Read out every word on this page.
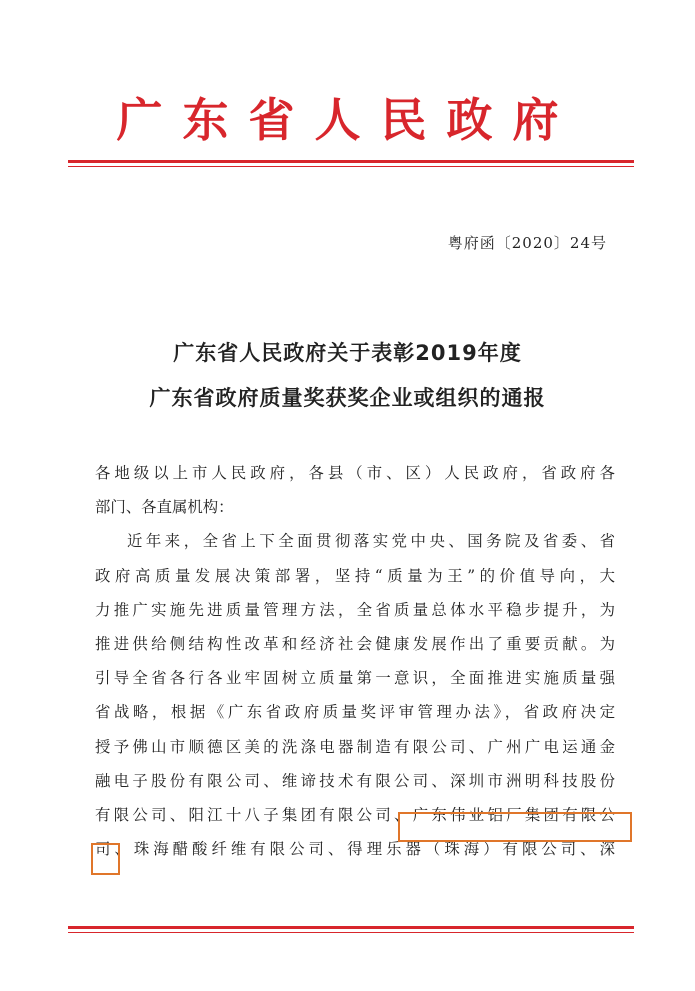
广东省人民政府
粤府函〔2020〕24号
广东省人民政府关于表彰2019年度
广东省政府质量奖获奖企业或组织的通报
各地级以上市人民政府，各县（市、区）人民政府，省政府各
部门、各直属机构：
近年来，全省上下全面贯彻落实党中央、国务院及省委、省
政府高质量发展决策部署，坚持“质量为王”的价值导向，大
力推广实施先进质量管理方法，全省质量总体水平稳步提升，为
推进供给侧结构性改革和经济社会健康发展作出了重要贡献。为
引导全省各行各业牢固树立质量第一意识，全面推进实施质量强
省战略，根据《广东省政府质量奖评审管理办法》，省政府决定
授予佛山市顺德区美的洗涤电器制造有限公司、广州广电运通金
融电子股份有限公司、维谛技术有限公司、深圳市洲明科技股份
有限公司、阳江十八子集团有限公司、广东伟业铝厂集团有限公
司、珠海醋酸纤维有限公司、得理乐器（珠海）有限公司、深
